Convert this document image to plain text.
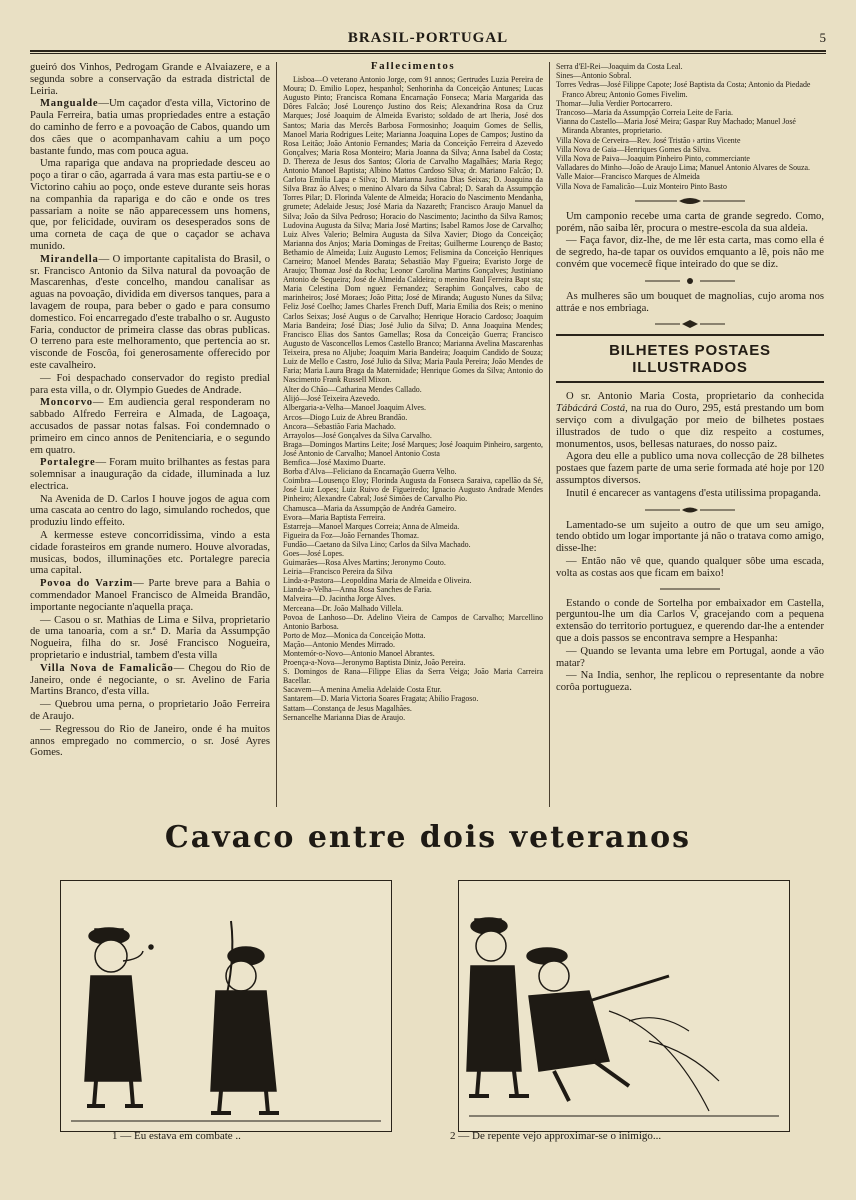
BRASIL-PORTUGAL	5

gueiró dos Vinhos, Pedrogam Grande e Alvaiazere, e a segunda sobre a conservação da estrada districtal de Leiria.

Mangualde—Um caçador d'esta villa, Victorino de Paula Ferreira, batia umas propriedades entre a estação do caminho de ferro e a povoação de Cabos, quando um dos cães que o acompanhavam cahiu a um poço bastante fundo, mas com pouca agua.

Uma rapariga que andava na propriedade desceu ao poço a tirar o cão, agarrada á vara mas esta partiu-se e o Victorino cahiu ao poço, onde esteve durante seis horas na companhia da rapariga e do cão e onde os tres passariam a noite se não apparecessem uns homens, que, por felicidade, ouviram os desesperados sons de uma corneta de caça de que o caçador se achava munido.

Mirandella— O importante capitalista do Brasil, o sr. Francisco Antonio da Silva natural da povoação de Mascarenhas, d'este concelho, mandou canalisar as aguas na povoação, dividida em diversos tanques, para a lavagem de roupa, para beber o gado e para consumo domestico. Foi encarregado d'este trabalho o sr. Augusto Faria, conductor de primeira classe das obras publicas. O terreno para este melhoramento, que pertencia ao sr. visconde de Foscôa, foi generosamente offerecido por este cavalheiro.

— Foi despachado conservador do registo predial para esta villa, o dr. Olympio Guedes de Andrade.

Moncorvo— Em audiencia geral responderam no sabbado Alfredo Ferreira e Almada, de Lagoaça, accusados de passar notas falsas. Foi condemnado o primeiro em cinco annos de Penitenciaria, e o segundo em quatro.

Portalegre— Foram muito brilhantes as festas para solemnisar a inauguração da cidade, illuminada a luz electrica.

Na Avenida de D. Carlos I houve jogos de agua com uma cascata ao centro do lago, simulando rochedos, que produziu lindo effeito.

A kermesse esteve concorridissima, vindo a esta cidade forasteiros em grande numero. Houve alvoradas, musicas, bodos, illuminações etc. Portalegre parecia uma capital.

Povoa do Varzim— Parte breve para a Bahia o commendador Manoel Francisco de Almeida Brandão, importante negociante n'aquella praça.

— Casou o sr. Mathias de Lima e Silva, proprietario de uma tanoaria, com a sr.ª D. Maria da Assumpção Nogueira, filha do sr. José Francisco Nogueira, proprietario e industrial, tambem d'esta villa

Villa Nova de Famalicão— Chegou do Rio de Janeiro, onde é negociante, o sr. Avelino de Faria Martins Branco, d'esta villa.

— Quebrou uma perna, o proprietario João Ferreira de Araujo.

— Regressou do Rio de Janeiro, onde é ha muitos annos empregado no commercio, o sr. José Ayres Gomes.

Fallecimentos

Lisboa—O veterano Antonio Jorge, com 91 annos; Gertrudes Luzia Pereira de Moura; D. Emilio Lopez, hespanhol; Senhorinha da Conceição Antunes; Lucas Augusto Pinto; Francisca Romana Encarnação Fonseca; Maria Margarida das Dôres Falcão; José Lourenço Justino dos Reis; Alexandrina Rosa da Cruz Marques; José Joaquim de Almeida Evaristo; soldado de art lheria, José dos Santos; Maria das Mercês Barbosa Formosinho; Joaquim Gomes de Sellis, Manoel Maria Rodrigues Leite; Marianna Joaquina Lopes de Campos; Justino da Rosa Leitão; João Antonio Fernandes; Maria da Conceição Ferreira d Azevedo Gonçalves; Maria Rosa Monteiro; Maria Joanna da Silva; Anna Isabel da Costa; D. Thereza de Jesus dos Santos; Gloria de Carvalho Magalhães; Maria Rego; Antonio Manoel Baptista; Albino Mattos Cardoso Silva; dr. Mariano Falcão; D. Carlota Emilia Lapa e Silva; D. Marianna Justina Dias Seixas; D. Joaquina da Silva Braz ão Alves; o menino Alvaro da Silva Cabral; D. Sarah da Assumpção Torres Pilar; D. Florinda Valente de Almeida; Horacio do Nascimento Mendanha, grumete; Adelaide Jesus; José Maria da Nazareth; Francisco Araujo Manuel da Silva; João da Silva Pedroso; Horacio do Nascimento; Jacintho da Silva Ramos; Ludovina Augusta da Silva; Maria José Martins; Isabel Ramos Jose de Carvalho; Luiz Alves Valerio; Belmira Augusta da Silva Xavier; Diogo da Conceição; Marianna dos Anjos; Maria Domingas de Freitas; Guilherme Lourenço de Basto; Bethamio de Almeida; Luiz Augusto Lemos; Felismina da Conceição Henriques Carneiro; Manoel Mendes Barata; Sebastião May F'gueira; Evaristo Jorge de Araujo; Thomaz José da Rocha; Leonor Carolina Martins Gonçalves; Justiniano Antonio de Sequeira; José de Almeida Caldeira; o menino Raul Ferreira Bapt sta; Maria Celestina Dom nguez Fernandez; Seraphim Gonçalves, cabo de marinheiros; José Moraes; João Pitta; José de Miranda; Augusto Nunes da Silva; Feliz José Coelho; James Charles French Duff, Maria Emilia dos Reis; o menino Carlos Seixas; José Augus o de Carvalho; Henrique Horacio Cardoso; Joaquim Maria Bandeira; José Dias; José Julio da Silva; D. Anna Joaquina Mendes; Francisco Elias dos Santos Gamellas; Rosa da Conceição Guerra; Francisco Augusto de Vasconcellos Lemos Castello Branco; Marianna Avelina Mascarenhas Teixeira, presa no Aljube; Joaquim Maria Bandeira; Joaquim Candido de Souza; Luiz de Mello e Castro, José Julio da Silva; Maria Paula Pereira; João Mendes de Faria; Maria Laura Braga da Maternidade; Henrique Gomes da Silva; Antonio do Nascimento Frank Russell Mixon.

Alter do Chão—Catharina Mendes Callado.
Alijó—José Teixeira Azevedo.
Albergaria-a-Velha—Manoel Joaquim Alves.
Arcos—Diogo Luiz de Abreu Brandão.
Ancora—Sebastião Faria Machado.
Arrayolos—José Gonçalves da Silva Carvalho.
Braga—Domingos Martins Leite; José Marques; José Joaquim Pinheiro, sargento, José Antonio de Carvalho; Manoel Antonio Costa
Bemfica—José Maximo Duarte.
Borba d'Alva—Feliciano da Encarnação Guerra Velho.
Coimbra—Lousenço Eloy; Florinda Augusta da Fonseca Saraiva, capellão da Sé, José Luiz Lopes; Luiz Ruivo de Figueiredo; Ignacio Augusto Andrade Mendes Pinheiro; Alexandre Cabral; José Simões de Carvalho Pio.
Chamusca—Maria da Assumpção de Andréa Gameiro.
Evora—Maria Baptista Ferreira.
Estarreja—Manoel Marques Correia; Anna de Almeida.
Figueira da Foz—João Fernandes Thomaz.
Fundão—Caetano da Silva Lino; Carlos da Silva Machado.
Goes—José Lopes.
Guimarães—Rosa Alves Martins; Jeronymo Couto.
Leiria—Francisco Pereira da Silva
Linda-a-Pastora—Leopoldina Maria de Almeida e Oliveira.
Lianda-a-Velha—Anna Rosa Sanches de Faria.
Malveira—D. Jacintha Jorge Alves.
Merceana—Dr. João Malhado Villela.
Povoa de Lanhoso—Dr. Adelino Vieira de Campos de Carvalho; Marcellino Antonio Barbosa.
Porto de Moz—Monica da Conceição Motta.
Mação—Antonio Mendes Mirrado.
Montemór-o-Novo—Antonio Manoel Abrantes.
Proença-a-Nova—Jeronymo Baptista Diniz, João Pereira.
S. Domingos de Rana—Filippe Elias da Serra Veiga; João Maria Carreira Bacellar.
Sacavem—A menina Amelia Adelaide Costa Etur.
Santarem—D. Maria Victoria Soares Fragata; Abilio Fragoso.
Sattam—Constança de Jesus Magalhães.
Sernancelhe Marianna Dias de Araujo.
Serra d'El-Rei—Joaquim da Costa Leal.
Sines—Antonio Sobral.
Torres Vedras—José Filippe Capote; José Baptista da Costa; Antonio da Piedade Franco Abreu; Antonio Gomes Fivelim.
Thomar—Julia Verdier Portocarrero.
Trancoso—Maria da Assumpção Correia Leite de Faria.
Vianna do Castello—Maria José Meira; Gaspar Ruy Machado; Manuel José Miranda Abrantes, proprietario.
Villa Nova de Cerveira—Rev. José Tristão › artins Vicente
Villa Nova de Gaia—Henriques Gomes da Silva.
Villa Nova de Paiva—Joaquim Pinheiro Pinto, commerciante
Valladares do Minho—João de Araujo Lima; Manuel Antonio Alvares de Souza.
Valle Maior—Francisco Marques de Almeida
Villa Nova de Famalicão—Luiz Monteiro Pinto Basto

Um camponio recebe uma carta de grande segredo. Como, porém, não saiba lêr, procura o mestre-escola da sua aldeia.

— Faça favor, diz-lhe, de me lêr esta carta, mas como ella é de segredo, ha-de tapar os ouvidos emquanto a lê, pois não me convém que vocemecê fique inteirado do que se diz.

As mulheres são um bouquet de magnolias, cujo aroma nos attráe e nos embriaga.

BILHETES POSTAES ILLUSTRADOS

O sr. Antonio Maria Costa, proprietario da conhecida Tábácárá Costá, na rua do Ouro, 295, está prestando um bom serviço com a divulgação por meio de bilhetes postaes illustrados de tudo o que diz respeito a costumes, monumentos, usos, bellesas naturaes, do nosso paiz.

Agora deu elle a publico uma nova collecção de 28 bilhetes postaes que fazem parte de uma serie formada até hoje por 120 assumptos diversos.

Inutil é encarecer as vantagens d'esta utilissima propaganda.

Lamentado-se um sujeito a outro de que um seu amigo, tendo obtido um logar importante já não o tratava como amigo, disse-lhe:

— Então não vê que, quando qualquer sôbe uma escada, volta as costas aos que ficam em baixo!

Estando o conde de Sortelha por embaixador em Castella, perguntou-lhe um dia Carlos V, gracejando com a pequena extensão do territorio portuguez, e querendo dar-lhe a entender que a dois passos se encontrava sempre a Hespanha:

— Quando se levanta uma lebre em Portugal, aonde a vão matar?

— Na India, senhor, lhe replicou o representante da nobre corôa portugueza.

Cavaco entre dois veteranos
1 — Eu estava em combate ..	2 — De repente vejo approximar-se o inimigo...
